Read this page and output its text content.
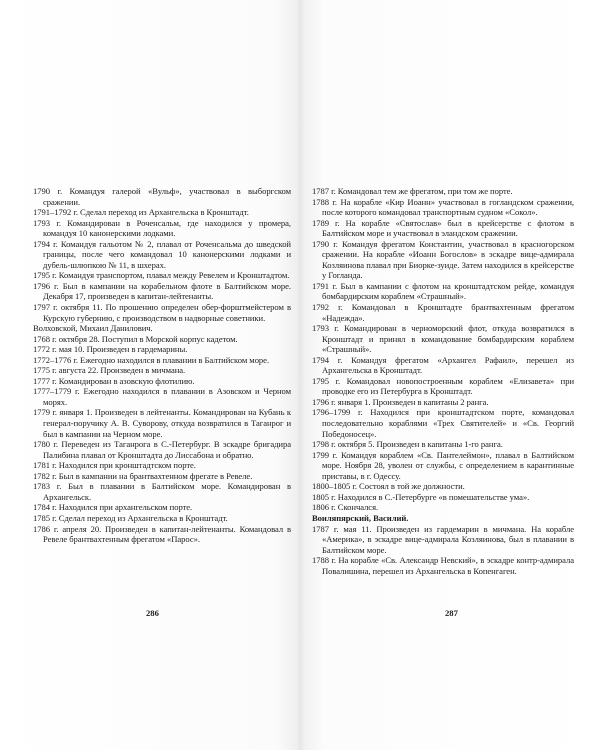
1790 г. Командуя галерой «Вульф», участвовал в выборгском сражении.

1791–1792 г. Сделал переход из Архангельска в Кронштадт.

1793 г. Командирован в Роченсальм, где находился у промера, командуя 10 канонерскими лодками.

1794 г. Командуя гальотом № 2, плавал от Роченсальма до шведской границы, после чего командовал 10 канонерскими лодками и дубель-шлюпкою № 11, в шхерах.

1795 г. Командуя транспортом, плавал между Ревелем и Кронштадтом.

1796 г. Был в кампании на корабельном флоте в Балтийском море. Декабря 17, произведен в капитан-лейтенанты.

1797 г. октября 11. По прошению определен обер-форштмейстером в Курскую губернию, с производством в надворные советники.

Волховской, Михаил Данилович.

1768 г. октября 28. Поступил в Морской корпус кадетом.

1772 г. мая 10. Произведен в гардемарины.

1772–1776 г. Ежегодно находился в плавании в Балтийском море.

1775 г. августа 22. Произведен в мичмана.

1777 г. Командирован в азовскую флотилию.

1777–1779 г. Ежегодно находился в плавании в Азовском и Черном морях.

1779 г. января 1. Произведен в лейтенанты. Командирован на Кубань к генерал-поручику А. В. Суворову, откуда возвратился в Таганрог и был в кампании на Черном море.

1780 г. Переведен из Таганрога в С.-Петербург. В эскадре бригадира Палибина плавал от Кронштадта до Лиссабона и обратно.

1781 г. Находился при кронштадтском порте.

1782 г. Был в кампании на брантвахтенном фрегате в Ревеле.

1783 г. Был в плавании в Балтийском море. Командирован в Архангельск.

1784 г. Находился при архангельском порте.

1785 г. Сделал переход из Архангельска в Кронштадт.

1786 г. апреля 20. Произведен в капитан-лейтенанты. Командовал в Ревеле брантвахтенным фрегатом «Парос».

286

1787 г. Командовал тем же фрегатом, при том же порте.

1788 г. На корабле «Кир Иоанн» участвовал в гогландском сражении, после которого командовал транспортным судном «Сокол».

1789 г. На корабле «Святослав» был в крейсерстве с флотом в Балтийском море и участвовал в эландском сражении.

1790 г. Командуя фрегатом Константин, участвовал в красногорском сражении. На корабле «Иоанн Богослов» в эскадре вице-адмирала Козляинова плавал при Биорке-зуиде. Затем находился в крейсерстве у Гогланда.

1791 г. Был в кампании с флотом на кронштадтском рейде, командуя бомбардирским кораблем «Страшный».

1792 г. Командовал в Кронштадте брантвахтенным фрегатом «Надежда».

1793 г. Командирован в черноморский флот, откуда возвратился в Кронштадт и принял в командование бомбардирским кораблем «Страшный».

1794 г. Командуя фрегатом «Архангел Рафаил», перешел из Архангельска в Кронштадт.

1795 г. Командовал новопостроенным кораблем «Елизавета» при проводке его из Петербурга в Кронштадт.

1796 г. января 1. Произведен в капитаны 2 ранга.

1796–1799 г. Находился при кронштадтском порте, командовал последовательно кораблями «Трех Святителей» и «Св. Георгий Победоносец».

1798 г. октября 5. Произведен в капитаны 1-го ранга.

1799 г. Командуя кораблем «Св. Пантелеймон», плавал в Балтийском море. Ноября 28, уволен от службы, с определением в карантинные приставы, в г. Одессу.

1800–1805 г. Состоял в той же должности.

1805 г. Находился в С.-Петербурге «в помешательстве ума».

1806 г. Скончался.

Воиляпярский, Василий.

1787 г. мая 11. Произведен из гардемарин в мичмана. На корабле «Америка», в эскадре вице-адмирала Козляинова, был в плавании в Балтийском море.

1788 г. На корабле «Св. Александр Невский», в эскадре контр-адмирала Повалишина, перешел из Архангельска в Копенгаген.

287
